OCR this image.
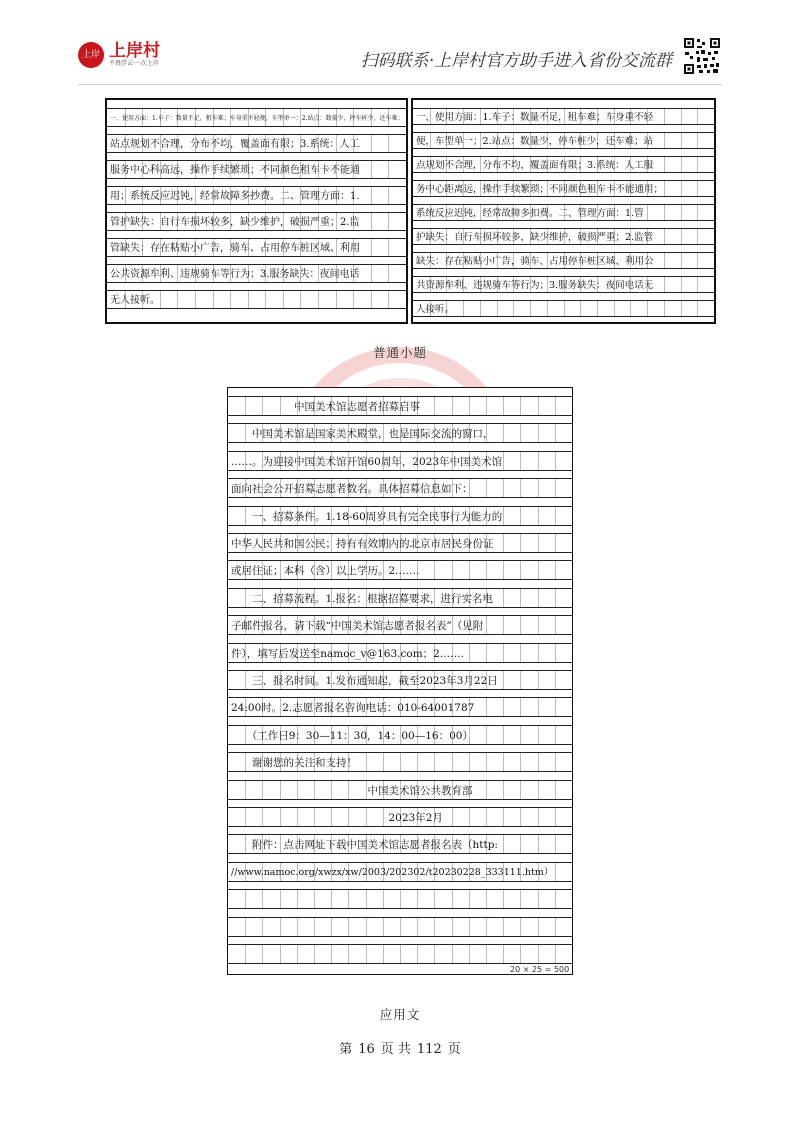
上岸 上岸村
不畏浮云·一次上岸	扫码联系·上岸村官方助手进入省份交流群
一、使用方面：1.车子：数量不足，租车难；车身重不轻便，车型单一；2.站点：数量少，停车桩少，还车难；
站点规划不合理，分布不均，覆盖面有限；3.系统：人工
服务中心科高远，操作手续繁琐；不同颜色租车卡不能通
用；系统反应迟钝，经常故障多抄费。二、管理方面：1.
管护缺失：自行车损坏较多，缺少维护，破损严重；2.监
管缺失：存在粘贴小广告，骑车、占用停车桩区域、利用
公共资源牟利、违规骑车等行为；3.服务缺失：夜间电话
无人接听。
一、使用方面：1.车子：数量不足，租车难；车身重不轻
便，车型单一；2.站点：数量少，停车桩少，还车难；站
点规划不合理，分布不均，覆盖面有限；3.系统：人工服
务中心距离远，操作手续繁琐；不同颜色租车卡不能通用；
系统反应迟钝，经常故障多扣费。二、管理方面：1.管
护缺失：自行车损坏较多，缺少维护，破损严重；2.监管
缺失：存在粘贴小广告，骑车、占用停车桩区域、利用公
共资源牟利、违规骑车等行为；3.服务缺失：夜间电话无
人接听。
普通小题
　　　　　　中国美术馆志愿者招募启事
　　中国美术馆是国家美术殿堂，也是国际交流的窗口，
……。为迎接中国美术馆开馆60周年，2023年中国美术馆
面向社会公开招募志愿者数名。具体招募信息如下：
　　一、招募条件。1.18-60周岁具有完全民事行为能力的
中华人民共和国公民；持有有效期内的北京市居民身份证
或居住证；本科（含）以上学历。2.……
　　二、招募流程。1.报名：根据招募要求，进行实名电
子邮件报名，请下载“中国美术馆志愿者报名表”（见附
件），填写后发送至namoc_v@163.com；2.……
　　三、报名时间。1.发布通知起，截至2023年3月22日
24:00时。2.志愿者报名咨询电话：010-64001787
　　（工作日9：30—11：30，14：00—16：00）
　　谢谢您的关注和支持！
　　　　　　　　　　　　　中国美术馆公共教育部
　　　　　　　　　　　　　　　2023年2月
　　附件：点击网址下载中国美术馆志愿者报名表（http:
//www.namoc.org/xwzx/xw/2003/202302/t20230228_333111.htm）
20 × 25 = 500
应用文
第 16 页 共 112 页
